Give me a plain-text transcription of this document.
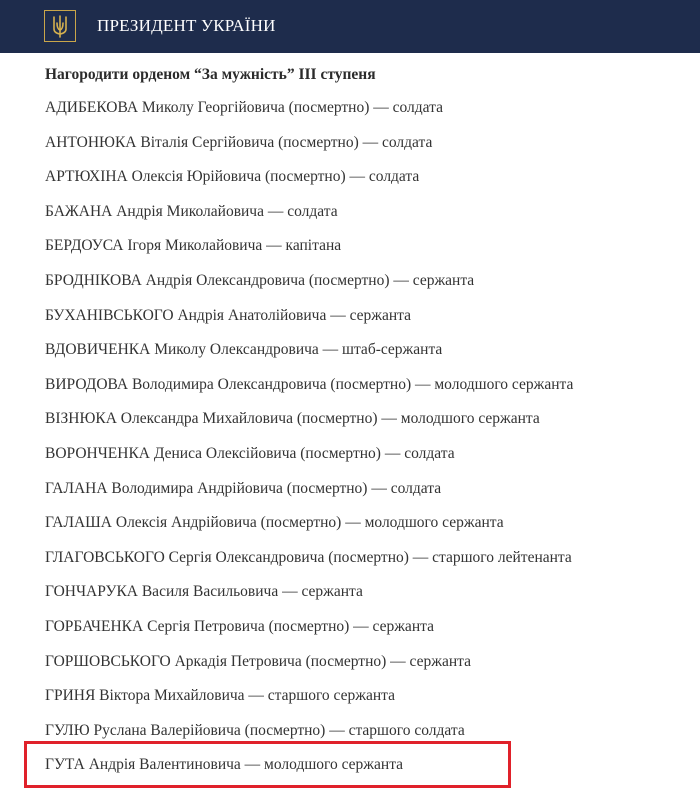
ПРЕЗИДЕНТ УКРАЇНИ

Нагородити орденом “За мужність” III ступеня

АДИБЕКОВА Миколу Георгійовича (посмертно) — солдата
АНТОНЮКА Віталія Сергійовича (посмертно) — солдата
АРТЮХІНА Олексія Юрійовича (посмертно) — солдата
БАЖАНА Андрія Миколайовича — солдата
БЕРДОУСА Ігоря Миколайовича — капітана
БРОДНІКОВА Андрія Олександровича (посмертно) — сержанта
БУХАНІВСЬКОГО Андрія Анатолійовича — сержанта
ВДОВИЧЕНКА Миколу Олександровича — штаб-сержанта
ВИРОДОВА Володимира Олександровича (посмертно) — молодшого сержанта
ВІЗНЮКА Олександра Михайловича (посмертно) — молодшого сержанта
ВОРОНЧЕНКА Дениса Олексійовича (посмертно) — солдата
ГАЛАНА Володимира Андрійовича (посмертно) — солдата
ГАЛАША Олексія Андрійовича (посмертно) — молодшого сержанта
ГЛАГОВСЬКОГО Сергія Олександровича (посмертно) — старшого лейтенанта
ГОНЧАРУКА Василя Васильовича — сержанта
ГОРБАЧЕНКА Сергія Петровича (посмертно) — сержанта
ГОРШОВСЬКОГО Аркадія Петровича (посмертно) — сержанта
ГРИНЯ Віктора Михайловича — старшого сержанта
ГУЛЮ Руслана Валерійовича (посмертно) — старшого солдата
ГУТА Андрія Валентиновича — молодшого сержанта
